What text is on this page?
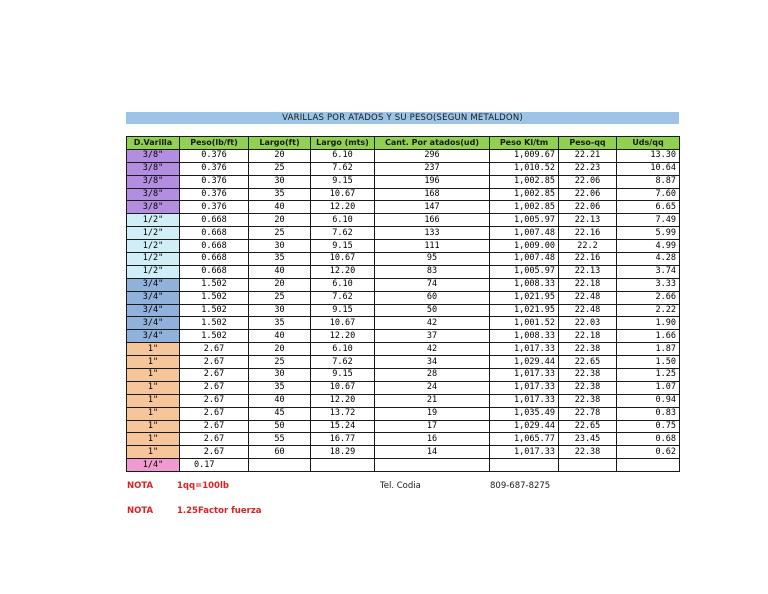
VARILLAS POR ATADOS Y SU PESO(SEGUN METALDON)
D.Varilla	Peso(lb/ft)	Largo(ft)	Largo (mts)	Cant. Por atados(ud)	Peso Kl/tm	Peso-qq	Uds/qq
3/8"	0.376	20	6.10	296	1,009.67	22.21	13.30
3/8"	0.376	25	7.62	237	1,010.52	22.23	10.64
3/8"	0.376	30	9.15	196	1,002.85	22.06	8.87
3/8"	0.376	35	10.67	168	1,002.85	22.06	7.60
3/8"	0.376	40	12.20	147	1,002.85	22.06	6.65
1/2"	0.668	20	6.10	166	1,005.97	22.13	7.49
1/2"	0.668	25	7.62	133	1,007.48	22.16	5.99
1/2"	0.668	30	9.15	111	1,009.00	22.2	4.99
1/2"	0.668	35	10.67	95	1,007.48	22.16	4.28
1/2"	0.668	40	12.20	83	1,005.97	22.13	3.74
3/4"	1.502	20	6.10	74	1,008.33	22.18	3.33
3/4"	1.502	25	7.62	60	1,021.95	22.48	2.66
3/4"	1.502	30	9.15	50	1,021.95	22.48	2.22
3/4"	1.502	35	10.67	42	1,001.52	22.03	1.90
3/4"	1.502	40	12.20	37	1,008.33	22.18	1.66
1"	2.67	20	6.10	42	1,017.33	22.38	1.87
1"	2.67	25	7.62	34	1,029.44	22.65	1.50
1"	2.67	30	9.15	28	1,017.33	22.38	1.25
1"	2.67	35	10.67	24	1,017.33	22.38	1.07
1"	2.67	40	12.20	21	1,017.33	22.38	0.94
1"	2.67	45	13.72	19	1,035.49	22.78	0.83
1"	2.67	50	15.24	17	1,029.44	22.65	0.75
1"	2.67	55	16.77	16	1,065.77	23.45	0.68
1"	2.67	60	18.29	14	1,017.33	22.38	0.62
1/4"	0.17						
NOTA	1qq=100lb	Tel. Codia	809-687-8275
NOTA	1.25Factor fuerza
